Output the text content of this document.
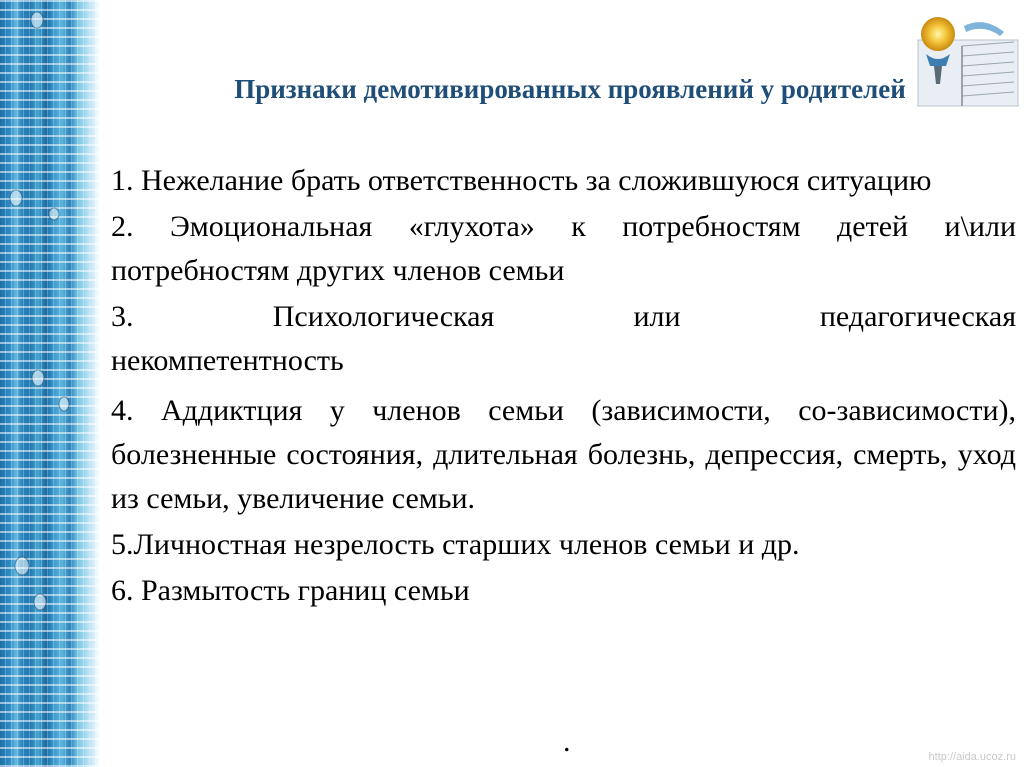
Признаки демотивированных проявлений у родителей
1. Нежелание брать ответственность за сложившуюся ситуацию
2. Эмоциональная «глухота» к потребностям детей и\или потребностям других членов семьи
3.	Психологическая	или	педагогическая
некомпетентность
4. Аддиктция у членов семьи (зависимости, со-зависимости), болезненные состояния, длительная болезнь, депрессия, смерть, уход из семьи, увеличение семьи.
5.Личностная незрелость старших членов семьи и др.
6. Размытость границ семьи
.	http://aida.ucoz.ru
